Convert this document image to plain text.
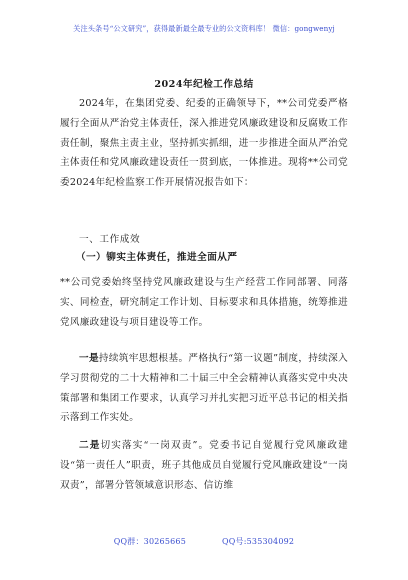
关注头条号“公文研究”，获得最新最全最专业的公文资料库！ 微信：gongwenyj
2024年纪检工作总结
2024年，在集团党委、纪委的正确领导下，**公司党委严格履行全面从严治党主体责任，深入推进党风廉政建设和反腐败工作责任制，聚焦主责主业，坚持抓实抓细，进一步推进全面从严治党主体责任和党风廉政建设责任一贯到底，一体推进。现将**公司党委2024年纪检监察工作开展情况报告如下：
一、工作成效
（一）铆实主体责任，推进全面从严
**公司党委始终坚持党风廉政建设与生产经营工作同部署、同落实、同检查，研究制定工作计划、目标要求和具体措施，统筹推进党风廉政建设与项目建设等工作。
一是持续筑牢思想根基。严格执行“第一议题”制度，持续深入学习贯彻党的二十大精神和二十届三中全会精神认真落实党中央决策部署和集团工作要求，认真学习并扎实把习近平总书记的相关指示落到工作实处。
二是切实落实“一岗双责”。党委书记自觉履行党风廉政建设“第一责任人”职责，班子其他成员自觉履行党风廉政建设“一岗双责”，部署分管领域意识形态、信访维
QQ群：30265665	QQ号:535304092
